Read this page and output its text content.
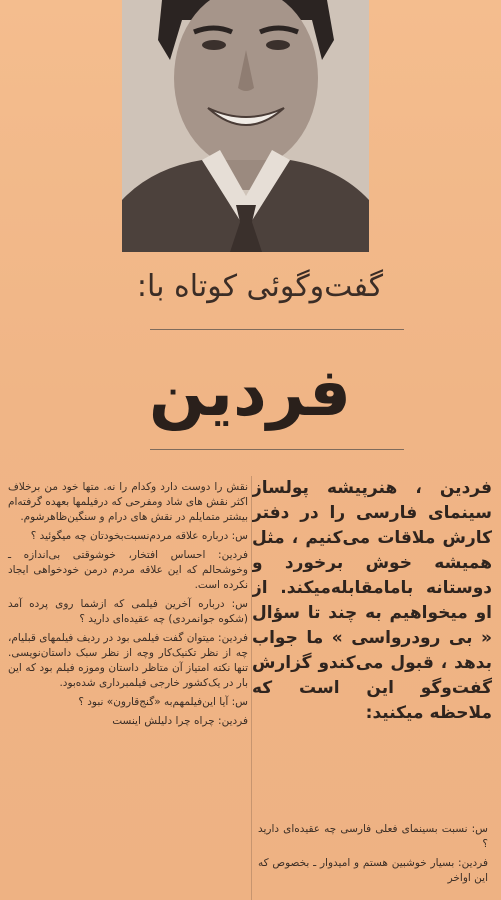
گفت‌وگوئی کوتاه با:
فردین

فردین ، هنرپیشه پولساز سینمای فارسی را در دفتر کارش ملاقات می‌کنیم ، مثل همیشه خوش برخورد و دوستانه بامامقابله‌میکند. از او میخواهیم به چند تا سؤال « بی رودرواسی » ما جواب بدهد ، قبول می‌کندو گزارش گفت‌وگو این است که ملاحظه میکنید:

نقش را دوست دارد وکدام را نه. متها خود من برخلاف اکثر نقش های شاد ومفرحی که درفیلمها بعهده گرفته‌ام بیشتر متمایلم در نقش های درام و سنگین‌ظاهرشوم.

س: درباره علاقه مردم‌نسبت‌بخودتان چه میگوئید ؟

فردین: احساس افتخار، خوشوقتی بی‌اندازه ـ وخوشحالم که این علاقه مردم درمن خودخواهی ایجاد نکرده است.

س: درباره آخرین فیلمی که ازشما روی پرده آمد (شکوه جوانمردی) چه عقیده‌ای دارید ؟

فردین: میتوان گفت فیلمی بود در ردیف فیلمهای قبلیام، چه از نظر تکنیک‌کار وچه از نظر سبک داستان‌نویسی. تنها نکته امتیاز آن متاظر داستان وموزه فیلم بود که این بار در یک‌کشور خارجی فیلمبرداری شده‌بود.

س: آیا این‌فیلمهم‌به «گنج‌قارون» نبود ؟

فردین: چراه چرا دلیلش اینست

س: نسبت بسینمای فعلی فارسی چه عقیده‌ای دارید ؟

فردین: بسیار خوشبین هستم و امیدوار ـ بخصوص که این اواخر
